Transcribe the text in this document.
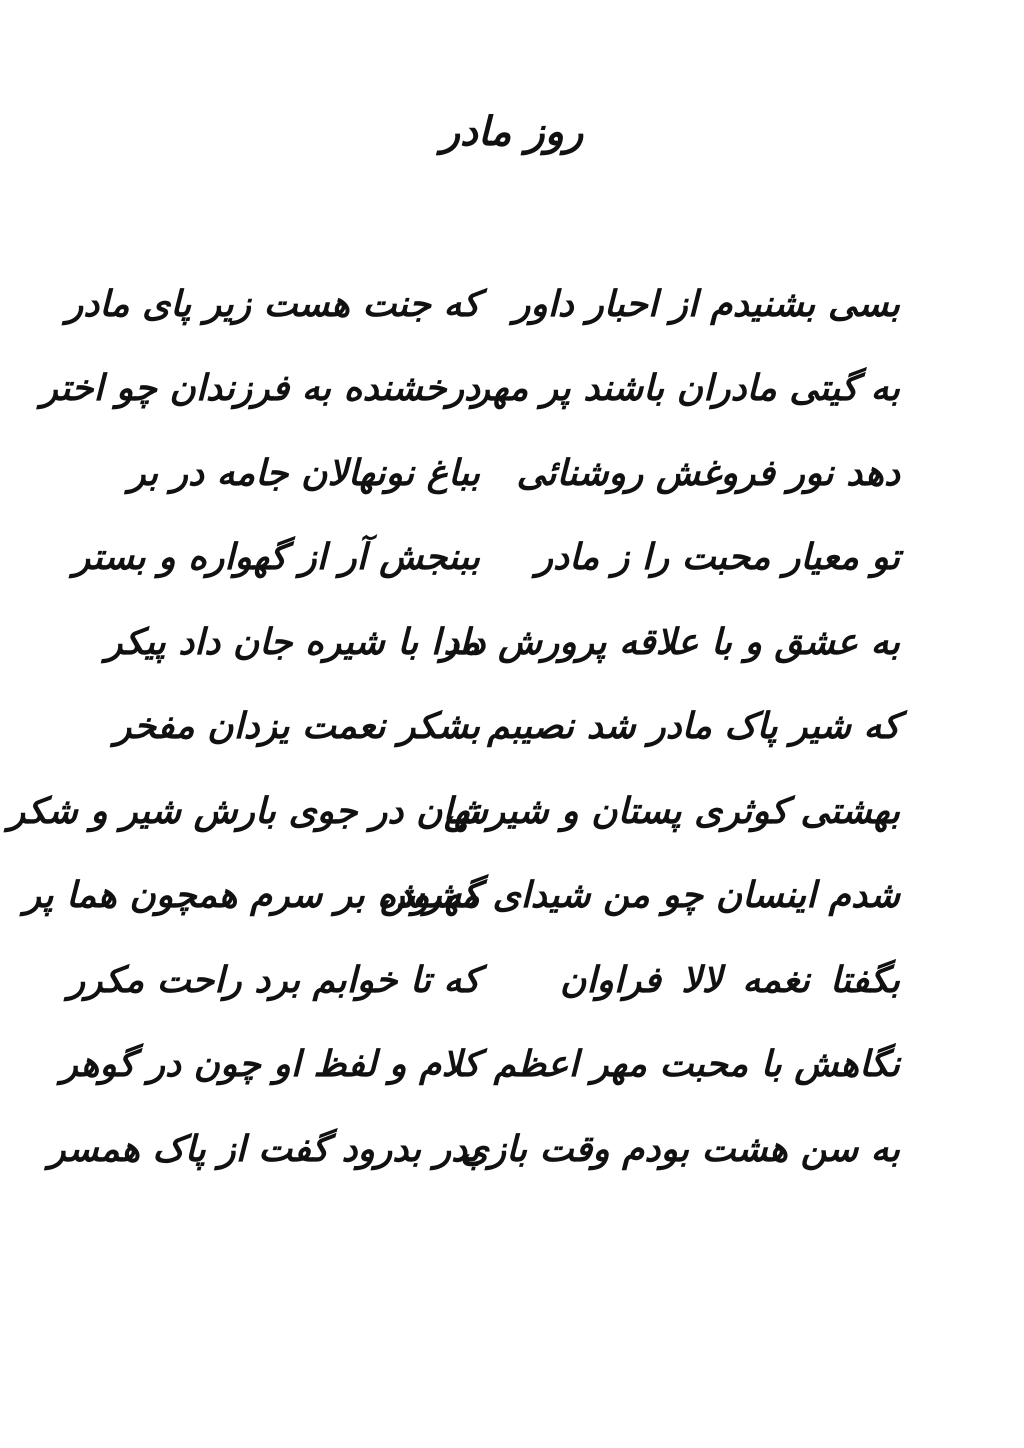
روز مادر
بسی بشنیدم از احبار داور
که جنت هست زیر پای مادر
به گیتی مادران باشند پر مهر
درخشنده به فرزندان چو اختر
دهد نور فروغش روشنائی
بباغ نونهالان جامه در بر
تو معیار محبت را ز مادر
ببنجش آر از گهواره و بستر
به عشق و با علاقه پرورش داد
مرا با شیره جان داد پیکر
که شیر پاک مادر شد نصیبم
بشکر نعمت یزدان مفخر
بهشتی کوثری پستان و شیرش
نهان در جوی بارش شیر و شکر
شدم اینسان چو من شیدای مهرش
گشوده بر سرم همچون هما پر
بگفتا نغمه لالا فراوان
که تا خوابم برد راحت مکرر
نگاهش با محبت مهر اعظم
کلام و لفظ او چون در گوهر
به سن هشت بودم وقت بازی
پدر بدرود گفت از پاک همسر
